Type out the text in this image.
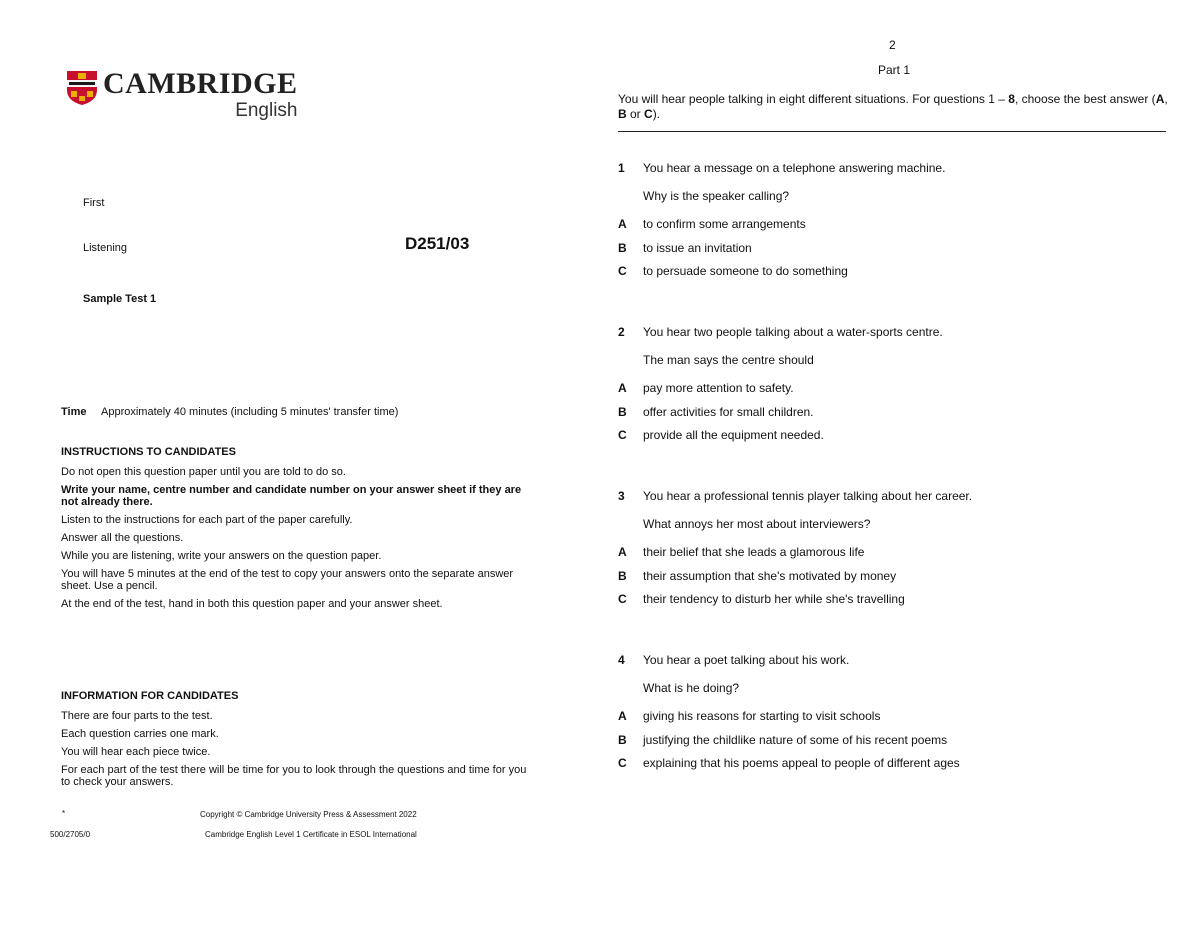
CAMBRIDGE
English
First
Listening	D251/03
Sample Test 1
Time Approximately 40 minutes (including 5 minutes' transfer time)
INSTRUCTIONS TO CANDIDATES

Do not open this question paper until you are told to do so.

Write your name, centre number and candidate number on your answer sheet if they are not already there.

Listen to the instructions for each part of the paper carefully.

Answer all the questions.

While you are listening, write your answers on the question paper.

You will have 5 minutes at the end of the test to copy your answers onto the separate answer sheet. Use a pencil.

At the end of the test, hand in both this question paper and your answer sheet.

INFORMATION FOR CANDIDATES

There are four parts to the test.

Each question carries one mark.

You will hear each piece twice.

For each part of the test there will be time for you to look through the questions and time for you to check your answers.

*	Copyright © Cambridge University Press & Assessment 2022
500/2705/0	Cambridge English Level 1 Certificate in ESOL International
2
Part 1
You will hear people talking in eight different situations. For questions 1 – 8, choose the best answer (A, B or C).
1	You hear a message on a telephone answering machine.
Why is the speaker calling?
A	to confirm some arrangements
B	to issue an invitation
C	to persuade someone to do something
2	You hear two people talking about a water-sports centre.
The man says the centre should
A	pay more attention to safety.
B	offer activities for small children.
C	provide all the equipment needed.
3	You hear a professional tennis player talking about her career.
What annoys her most about interviewers?
A	their belief that she leads a glamorous life
B	their assumption that she's motivated by money
C	their tendency to disturb her while she's travelling
4	You hear a poet talking about his work.
What is he doing?
A	giving his reasons for starting to visit schools
B	justifying the childlike nature of some of his recent poems
C	explaining that his poems appeal to people of different ages
